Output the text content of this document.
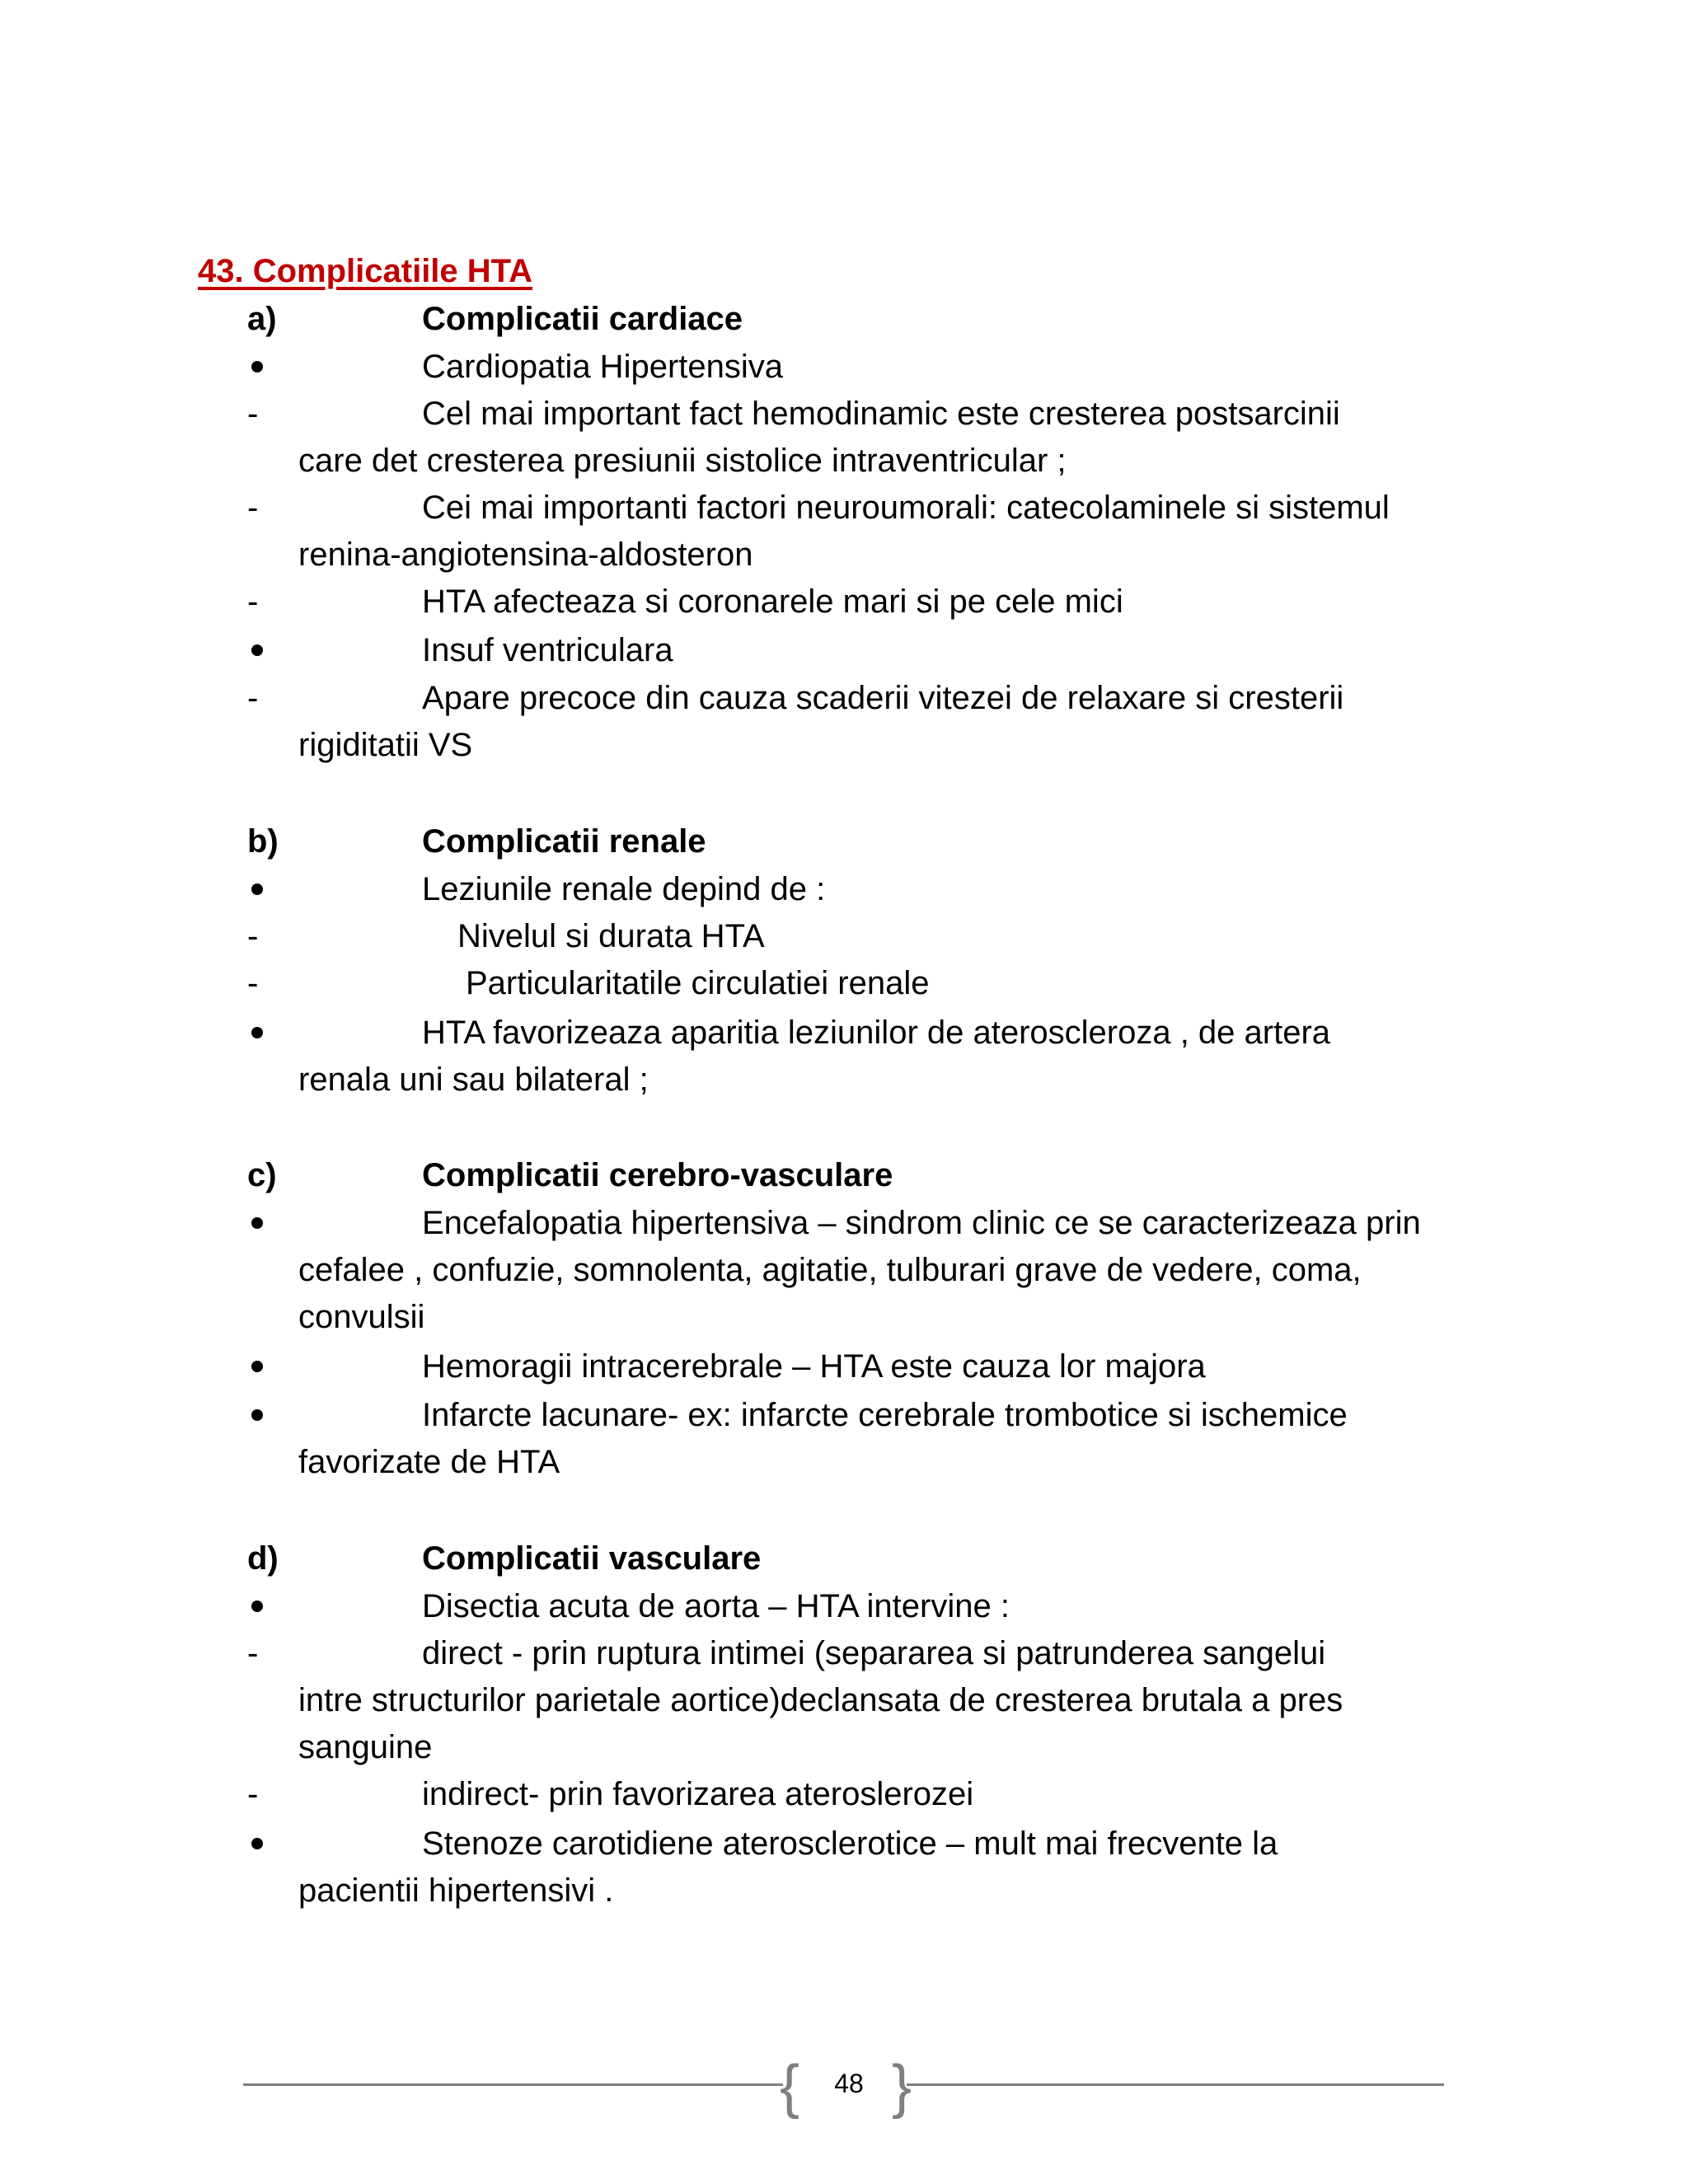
43. Complicatiile HTA
a)	Complicatii cardiace
Cardiopatia Hipertensiva
-	Cel mai important fact hemodinamic este cresterea postsarcinii
care det cresterea presiunii sistolice intraventricular ;
-	Cei mai importanti factori neuroumorali: catecolaminele si sistemul
renina-angiotensina-aldosteron
-	HTA afecteaza si coronarele mari si pe cele mici
Insuf ventriculara
-	Apare precoce din cauza scaderii vitezei de relaxare si cresterii
rigiditatii VS
b)	Complicatii renale
Leziunile renale depind de :
-	Nivelul si durata HTA
-	Particularitatile circulatiei renale
HTA favorizeaza aparitia leziunilor de ateroscleroza , de artera
renala uni sau bilateral ;
c)	Complicatii cerebro-vasculare
Encefalopatia hipertensiva – sindrom clinic ce se caracterizeaza prin
cefalee , confuzie, somnolenta, agitatie, tulburari grave de vedere, coma,
convulsii
Hemoragii intracerebrale – HTA este cauza lor majora
Infarcte lacunare- ex: infarcte cerebrale trombotice si ischemice
favorizate de HTA
d)	Complicatii vasculare
Disectia acuta de aorta – HTA intervine :
-	direct - prin ruptura intimei (separarea si patrunderea sangelui
intre structurilor parietale aortice)declansata de cresterea brutala a pres
sanguine
-	indirect- prin favorizarea ateroslerozei
Stenoze carotidiene aterosclerotice – mult mai frecvente la
pacientii hipertensivi .
{ }
48
